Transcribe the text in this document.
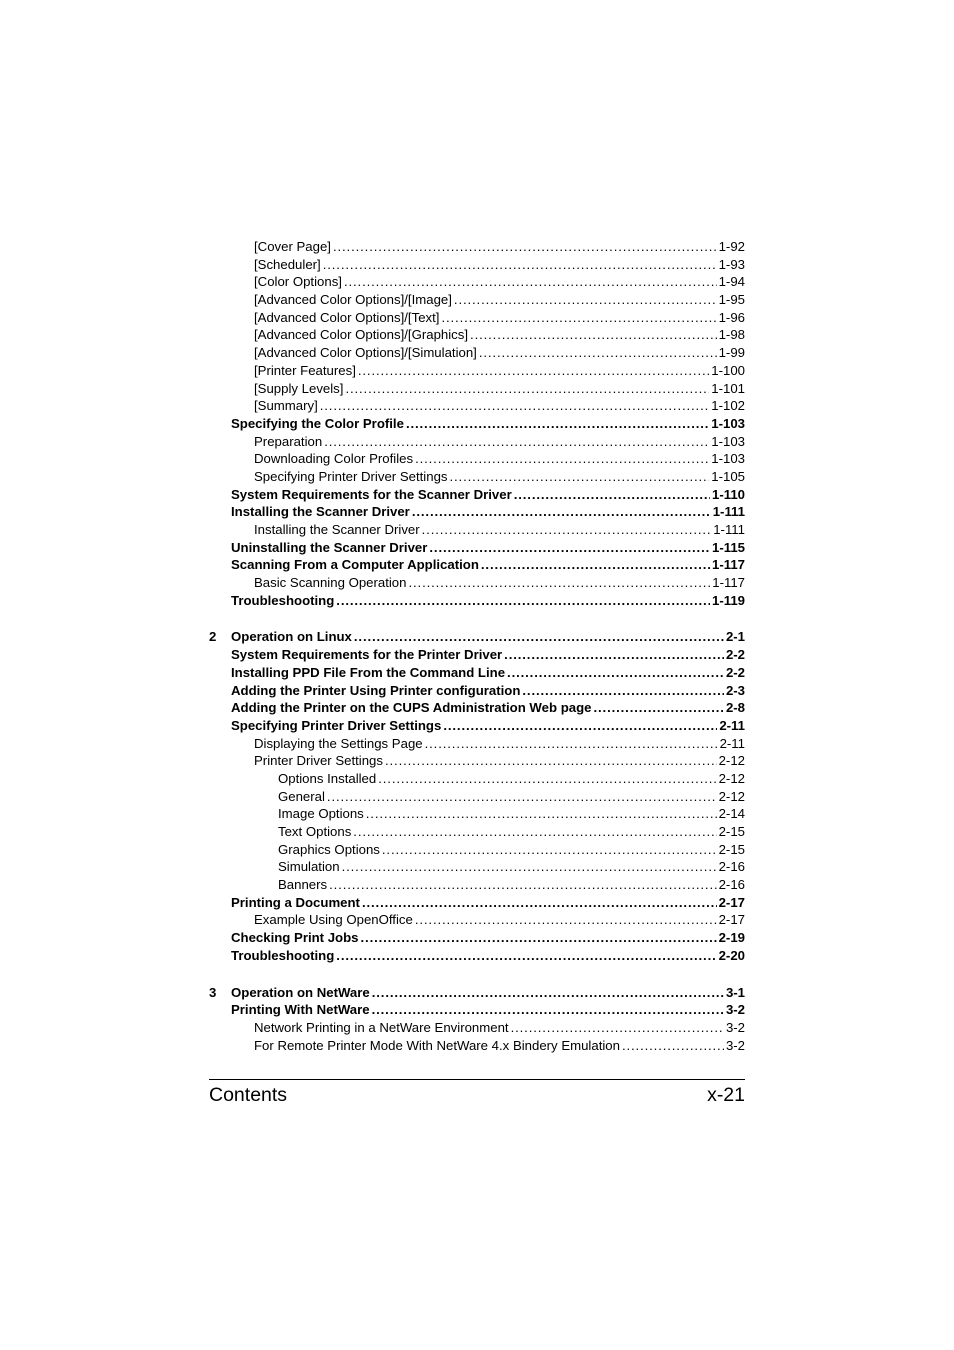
[Cover Page] . . .	1-92
[Scheduler] . . .	1-93
[Color Options] . . .	1-94
[Advanced Color Options]/[Image] . . .	1-95
[Advanced Color Options]/[Text] . . .	1-96
[Advanced Color Options]/[Graphics] . . .	1-98
[Advanced Color Options]/[Simulation] . . .	1-99
[Printer Features] . . .	1-100
[Supply Levels] . . .	1-101
[Summary] . . .	1-102
Specifying the Color Profile . . .	1-103
Preparation . . .	1-103
Downloading Color Profiles . . .	1-103
Specifying Printer Driver Settings . . .	1-105
System Requirements for the Scanner Driver . . .	1-110
Installing the Scanner Driver . . .	1-111
Installing the Scanner Driver . . .	1-111
Uninstalling the Scanner Driver . . .	1-115
Scanning From a Computer Application . . .	1-117
Basic Scanning Operation . . .	1-117
Troubleshooting . . .	1-119
2 Operation on Linux . . .	2-1
System Requirements for the Printer Driver . . .	2-2
Installing PPD File From the Command Line . . .	2-2
Adding the Printer Using Printer configuration . . .	2-3
Adding the Printer on the CUPS Administration Web page . . .	2-8
Specifying Printer Driver Settings . . .	2-11
Displaying the Settings Page . . .	2-11
Printer Driver Settings . . .	2-12
Options Installed . . .	2-12
General . . .	2-12
Image Options . . .	2-14
Text Options . . .	2-15
Graphics Options . . .	2-15
Simulation . . .	2-16
Banners . . .	2-16
Printing a Document . . .	2-17
Example Using OpenOffice . . .	2-17
Checking Print Jobs . . .	2-19
Troubleshooting . . .	2-20
3 Operation on NetWare . . .	3-1
Printing With NetWare . . .	3-2
Network Printing in a NetWare Environment . . .	3-2
For Remote Printer Mode With NetWare 4.x Bindery Emulation . . .	3-2
Contents	x-21
